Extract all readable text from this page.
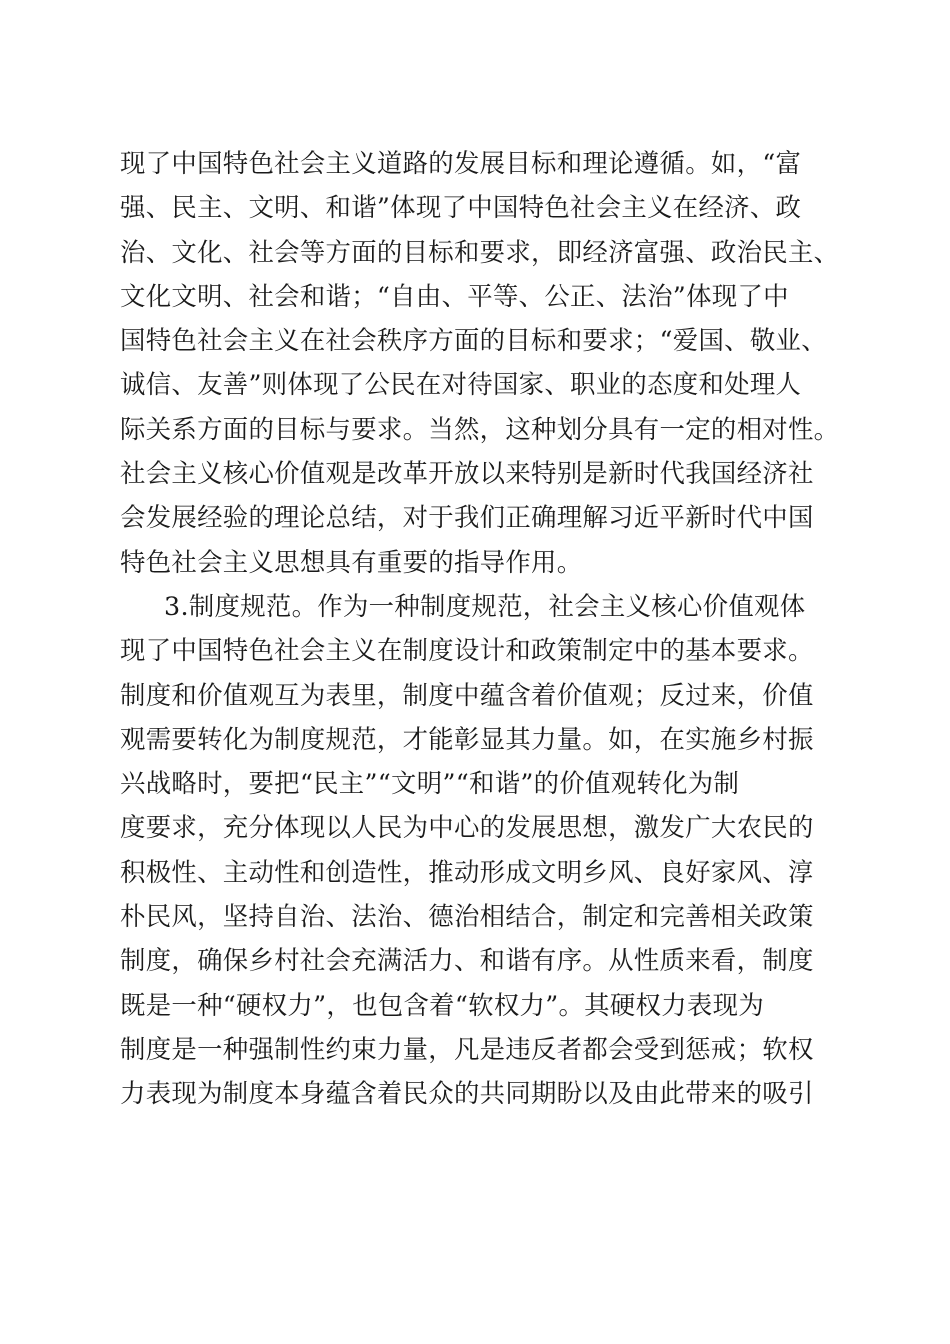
现了中国特色社会主义道路的发展目标和理论遵循。如，“富
强、民主、文明、和谐”体现了中国特色社会主义在经济、政
治、文化、社会等方面的目标和要求，即经济富强、政治民主、
文化文明、社会和谐；“自由、平等、公正、法治”体现了中
国特色社会主义在社会秩序方面的目标和要求；“爱国、敬业、
诚信、友善”则体现了公民在对待国家、职业的态度和处理人
际关系方面的目标与要求。当然，这种划分具有一定的相对性。
社会主义核心价值观是改革开放以来特别是新时代我国经济社
会发展经验的理论总结，对于我们正确理解习近平新时代中国
特色社会主义思想具有重要的指导作用。
3.制度规范。作为一种制度规范，社会主义核心价值观体
现了中国特色社会主义在制度设计和政策制定中的基本要求。
制度和价值观互为表里，制度中蕴含着价值观；反过来，价值
观需要转化为制度规范，才能彰显其力量。如，在实施乡村振
兴战略时，要把“民主”“文明”“和谐”的价值观转化为制
度要求，充分体现以人民为中心的发展思想，激发广大农民的
积极性、主动性和创造性，推动形成文明乡风、良好家风、淳
朴民风，坚持自治、法治、德治相结合，制定和完善相关政策
制度，确保乡村社会充满活力、和谐有序。从性质来看，制度
既是一种“硬权力”，也包含着“软权力”。其硬权力表现为
制度是一种强制性约束力量，凡是违反者都会受到惩戒；软权
力表现为制度本身蕴含着民众的共同期盼以及由此带来的吸引
